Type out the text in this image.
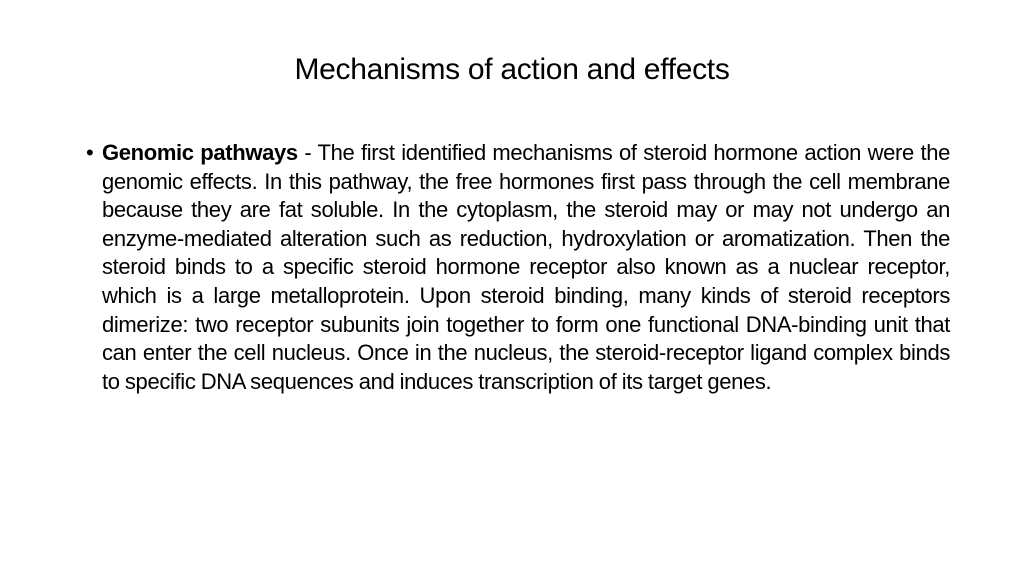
Mechanisms of action and effects
• Genomic pathways - The first identified mechanisms of steroid hormone action were the genomic effects. In this pathway, the free hormones first pass through the cell membrane because they are fat soluble. In the cytoplasm, the steroid may or may not undergo an enzyme-mediated alteration such as reduction, hydroxylation or aromatization. Then the steroid binds to a specific steroid hormone receptor also known as a nuclear receptor, which is a large metalloprotein. Upon steroid binding, many kinds of steroid receptors dimerize: two receptor subunits join together to form one functional DNA-binding unit that can enter the cell nucleus. Once in the nucleus, the steroid-receptor ligand complex binds to specific DNA sequences and induces transcription of its target genes.
